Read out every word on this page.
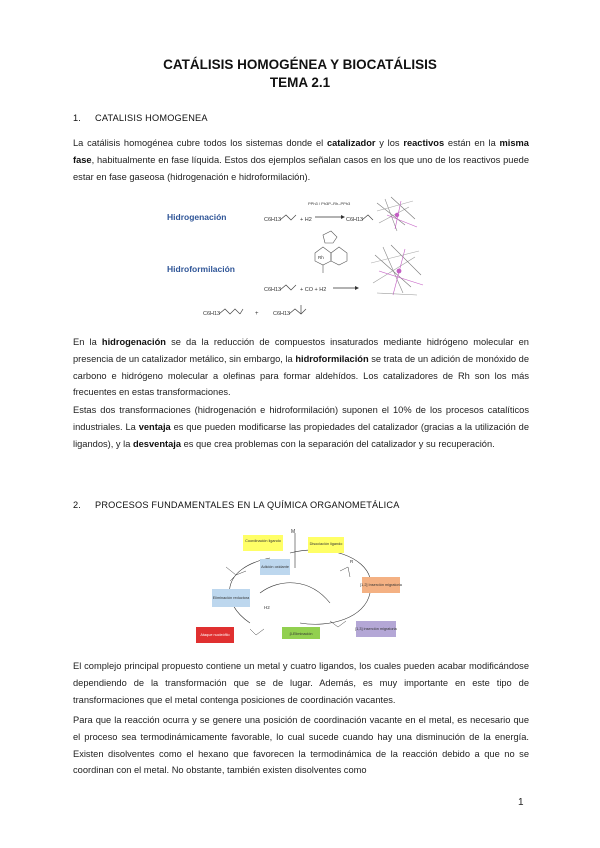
CATÁLISIS HOMOGÉNEA Y BIOCATÁLISIS
TEMA 2.1
1. CATALISIS HOMOGENEA
La catálisis homogénea cubre todos los sistemas donde el catalizador y los reactivos están en la misma fase, habitualmente en fase líquida. Estos dos ejemplos señalan casos en los que uno de los reactivos puede estar en fase gaseosa (hidrogenación e hidroformilación).
Hidrogenación	C6H13	+ H2
PPh3 / Ph3P–Rh–PPh3
C6H13
Hidroformilación
Rh
C6H13	+ CO + H2
C6H13	+	C6H13
En la hidrogenación se da la reducción de compuestos insaturados mediante hidrógeno molecular en presencia de un catalizador metálico, sin embargo, la hidroformilación se trata de un adición de monóxido de carbono e hidrógeno molecular a olefinas para formar aldehídos. Los catalizadores de Rh son los más frecuentes en estas transformaciones.
Estas dos transformaciones (hidrogenación e hidroformilación) suponen el 10% de los procesos catalíticos industriales. La ventaja es que pueden modificarse las propiedades del catalizador (gracias a la utilización de ligandos), y la desventaja es que crea problemas con la separación del catalizador y su recuperación.
2. PROCESOS FUNDAMENTALES EN LA QUÍMICA ORGANOMETÁLICA
Coordinación ligando
Disociación ligando
Adición oxidante
Eliminación reductora
[1,2] Inserción migratoria
Ataque nucleófilo	β-Eliminación
[1,3] inserción migratoria
M
H2
R
El complejo principal propuesto contiene un metal y cuatro ligandos, los cuales pueden acabar modificándose dependiendo de la transformación que se de lugar. Además, es muy importante en este tipo de transformaciones que el metal contenga posiciones de coordinación vacantes.
Para que la reacción ocurra y se genere una posición de coordinación vacante en el metal, es necesario que el proceso sea termodinámicamente favorable, lo cual sucede cuando hay una disminución de la energía. Existen disolventes como el hexano que favorecen la termodinámica de la reacción debido a que no se coordinan con el metal. No obstante, también existen disolventes como
1
